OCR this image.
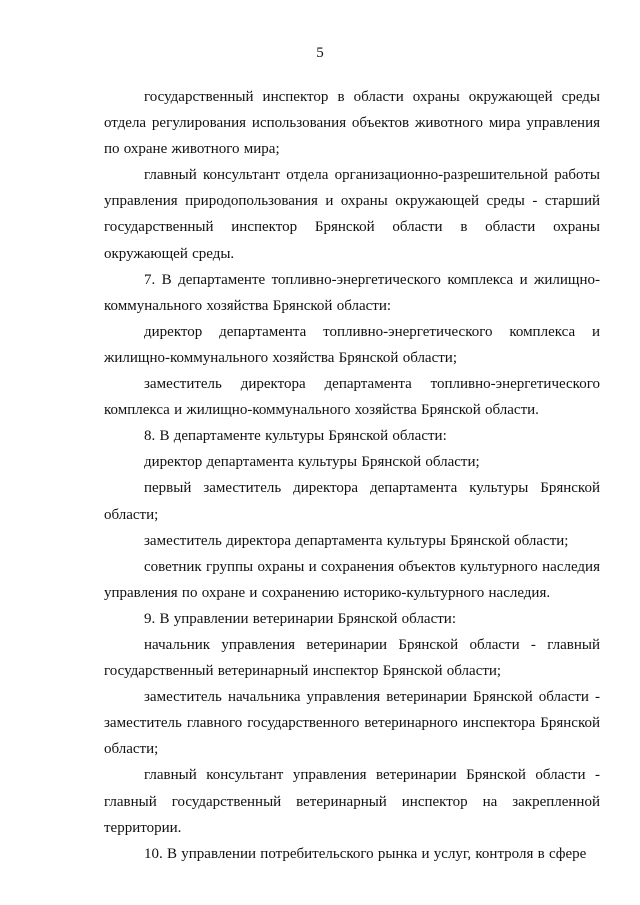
5

государственный инспектор в области охраны окружающей среды отдела регулирования использования объектов животного мира управления по охране животного мира;

главный консультант отдела организационно-разрешительной работы управления природопользования и охраны окружающей среды - старший государственный инспектор Брянской области в области охраны окружающей среды.

7. В департаменте топливно-энергетического комплекса и жилищно-коммунального хозяйства Брянской области:

директор департамента топливно-энергетического комплекса и жилищно-коммунального хозяйства Брянской области;

заместитель директора департамента топливно-энергетического комплекса и жилищно-коммунального хозяйства Брянской области.

8. В департаменте культуры Брянской области:

директор департамента культуры Брянской области;

первый заместитель директора департамента культуры Брянской области;

заместитель директора департамента культуры Брянской области;

советник группы охраны и сохранения объектов культурного наследия управления по охране и сохранению историко-культурного наследия.

9. В управлении ветеринарии Брянской области:

начальник управления ветеринарии Брянской области - главный государственный ветеринарный инспектор Брянской области;

заместитель начальника управления ветеринарии Брянской области - заместитель главного государственного ветеринарного инспектора Брянской области;

главный консультант управления ветеринарии Брянской области - главный государственный ветеринарный инспектор на закрепленной территории.

10. В управлении потребительского рынка и услуг, контроля в сфере
